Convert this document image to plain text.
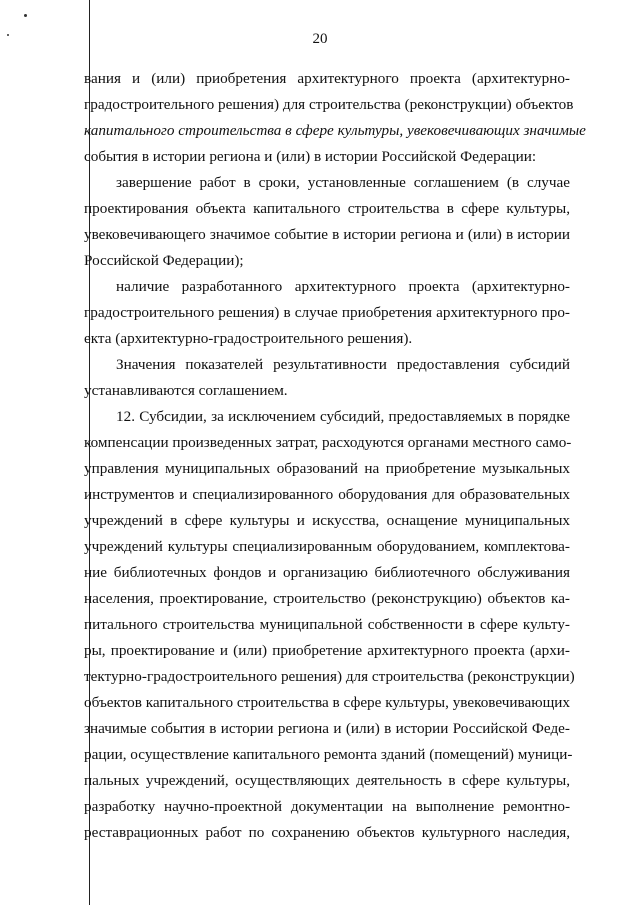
20
вания и (или) приобретения архитектурного проекта (архитектурно-
градостроительного решения) для строительства (реконструкции) объектов
капитального строительства в сфере культуры, увековечивающих значимые
события в истории региона и (или) в истории Российской Федерации:
завершение работ в сроки, установленные соглашением (в случае
проектирования объекта капитального строительства в сфере культуры,
увековечивающего значимое событие в истории региона и (или) в истории
Российской Федерации);
наличие разработанного архитектурного проекта (архитектурно-
градостроительного решения) в случае приобретения архитектурного про-
екта (архитектурно-градостроительного решения).
Значения показателей результативности предоставления субсидий
устанавливаются соглашением.
12. Субсидии, за исключением субсидий, предоставляемых в порядке
компенсации произведенных затрат, расходуются органами местного само-
управления муниципальных образований на приобретение музыкальных
инструментов и специализированного оборудования для образовательных
учреждений в сфере культуры и искусства, оснащение муниципальных
учреждений культуры специализированным оборудованием, комплектова-
ние библиотечных фондов и организацию библиотечного обслуживания
населения, проектирование, строительство (реконструкцию) объектов ка-
питального строительства муниципальной собственности в сфере культу-
ры, проектирование и (или) приобретение архитектурного проекта (архи-
тектурно-градостроительного решения) для строительства (реконструкции)
объектов капитального строительства в сфере культуры, увековечивающих
значимые события в истории региона и (или) в истории Российской Феде-
рации, осуществление капитального ремонта зданий (помещений) муници-
пальных учреждений, осуществляющих деятельность в сфере культуры,
разработку научно-проектной документации на выполнение ремонтно-
реставрационных работ по сохранению объектов культурного наследия,
